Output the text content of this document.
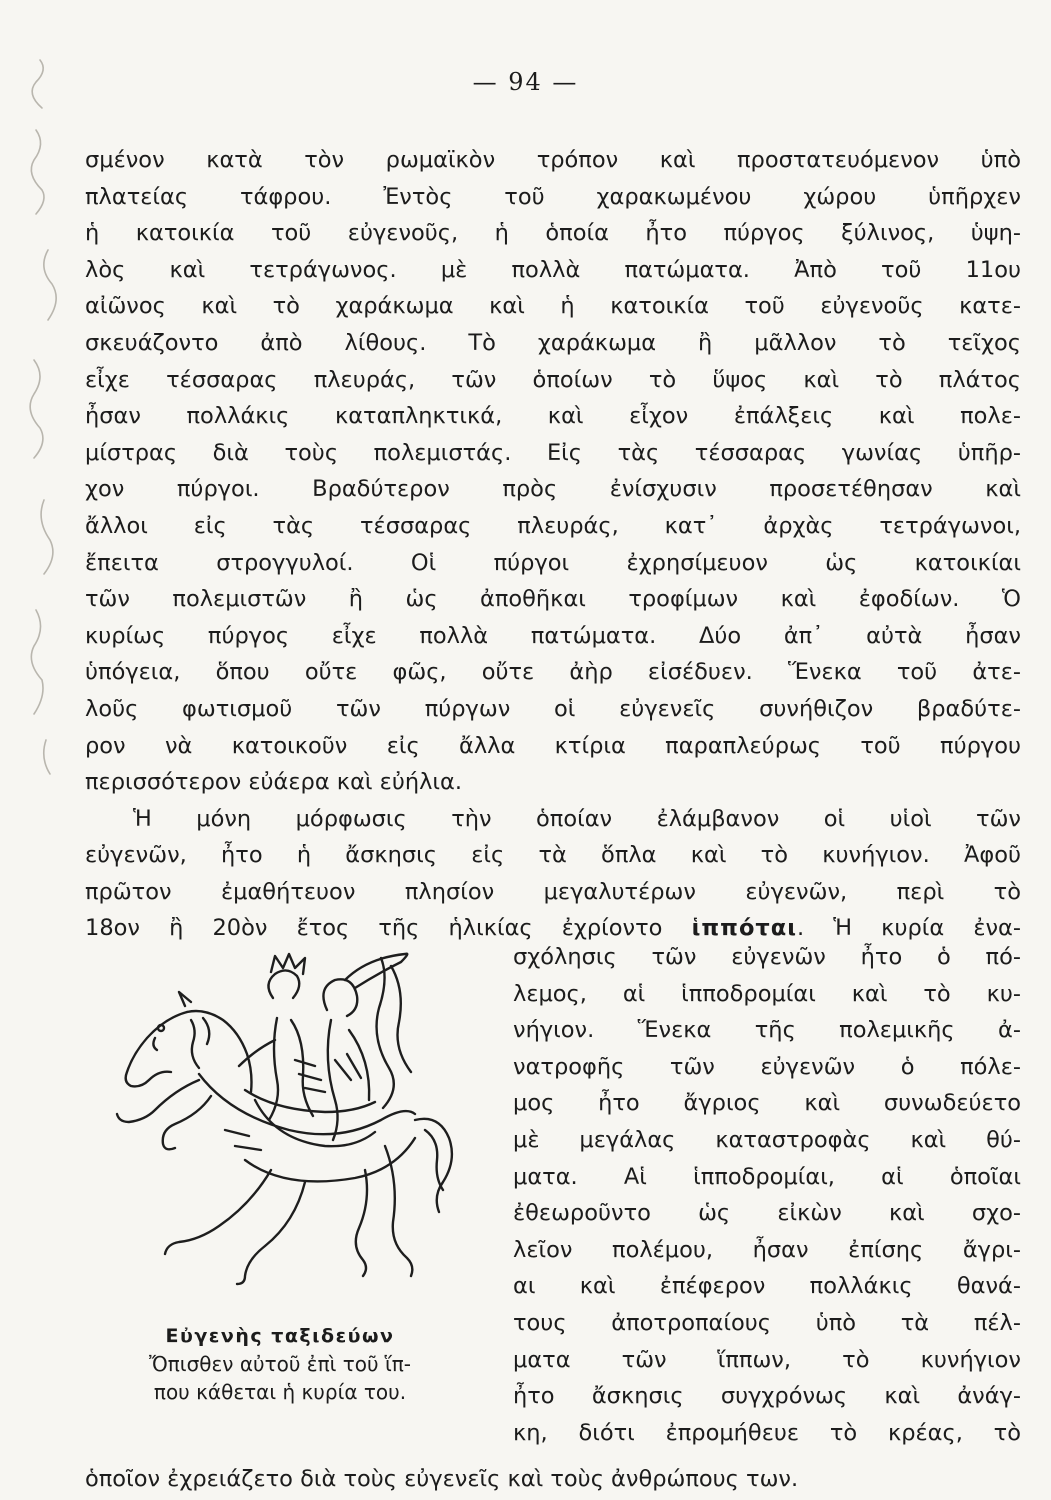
— 94 —
σμένον κατὰ τὸν ρωμαϊκὸν τρόπον καὶ προστατευόμενον ὑπὸ
πλατείας τάφρου. Ἐντὸς τοῦ χαρακωμένου χώρου ὑπῆρχεν
ἡ κατοικία τοῦ εὐγενοῦς, ἡ ὁποία ἦτο πύργος ξύλινος, ὑψη-
λὸς καὶ τετράγωνος. μὲ πολλὰ πατώματα. Ἀπὸ τοῦ 11ου
αἰῶνος καὶ τὸ χαράκωμα καὶ ἡ κατοικία τοῦ εὐγενοῦς κατε-
σκευάζοντο ἀπὸ λίθους. Τὸ χαράκωμα ἢ μᾶλλον τὸ τεῖχος
εἶχε τέσσαρας πλευράς, τῶν ὁποίων τὸ ὕψος καὶ τὸ πλάτος
ἦσαν πολλάκις καταπληκτικά, καὶ εἶχον ἐπάλξεις καὶ πολε-
μίστρας διὰ τοὺς πολεμιστάς. Εἰς τὰς τέσσαρας γωνίας ὑπῆρ-
χον πύργοι. Βραδύτερον πρὸς ἐνίσχυσιν προσετέθησαν καὶ
ἄλλοι εἰς τὰς τέσσαρας πλευράς, κατ᾽ ἀρχὰς τετράγωνοι,
ἔπειτα στρογγυλοί. Οἱ πύργοι ἐχρησίμευον ὡς κατοικίαι
τῶν πολεμιστῶν ἢ ὡς ἀποθῆκαι τροφίμων καὶ ἐφοδίων. Ὁ
κυρίως πύργος εἶχε πολλὰ πατώματα. Δύο ἀπ᾽ αὐτὰ ἦσαν
ὑπόγεια, ὅπου οὔτε φῶς, οὔτε ἀὴρ εἰσέδυεν. Ἕνεκα τοῦ ἀτε-
λοῦς φωτισμοῦ τῶν πύργων οἱ εὐγενεῖς συνήθιζον βραδύτε-
ρον νὰ κατοικοῦν εἰς ἄλλα κτίρια παραπλεύρως τοῦ πύργου
περισσότερον εὐάερα καὶ εὐήλια.
Ἡ μόνη μόρφωσις τὴν ὁποίαν ἐλάμβανον οἱ υἱοὶ τῶν
εὐγενῶν, ἦτο ἡ ἄσκησις εἰς τὰ ὅπλα καὶ τὸ κυνήγιον. Ἀφοῦ
πρῶτον ἐμαθήτευον πλησίον μεγαλυτέρων εὐγενῶν, περὶ τὸ
18ον ἢ 20ὸν ἔτος τῆς ἡλικίας ἐχρίοντο ἱππόται. Ἡ κυρία ἐνα-
Εὐγενὴς ταξιδεύων
Ὄπισθεν αὐτοῦ ἐπὶ τοῦ ἵπ-
που κάθεται ἡ κυρία του.
σχόλησις τῶν εὐγενῶν ἦτο ὁ πό-
λεμος, αἱ ἱπποδρομίαι καὶ τὸ κυ-
νήγιον. Ἕνεκα τῆς πολεμικῆς ἀ-
νατροφῆς τῶν εὐγενῶν ὁ πόλε-
μος ἦτο ἄγριος καὶ συνωδεύετο
μὲ μεγάλας καταστροφὰς καὶ θύ-
ματα. Αἱ ἱπποδρομίαι, αἱ ὁποῖαι
ἐθεωροῦντο ὡς εἰκὼν καὶ σχο-
λεῖον πολέμου, ἦσαν ἐπίσης ἄγρι-
αι καὶ ἐπέφερον πολλάκις θανά-
τους ἀποτροπαίους ὑπὸ τὰ πέλ-
ματα τῶν ἵππων, τὸ κυνήγιον
ἦτο ἄσκησις συγχρόνως καὶ ἀνάγ-
κη, διότι ἐπρομήθευε τὸ κρέας, τὸ
ὁποῖον ἐχρειάζετο διὰ τοὺς εὐγενεῖς καὶ τοὺς ἀνθρώπους των.
